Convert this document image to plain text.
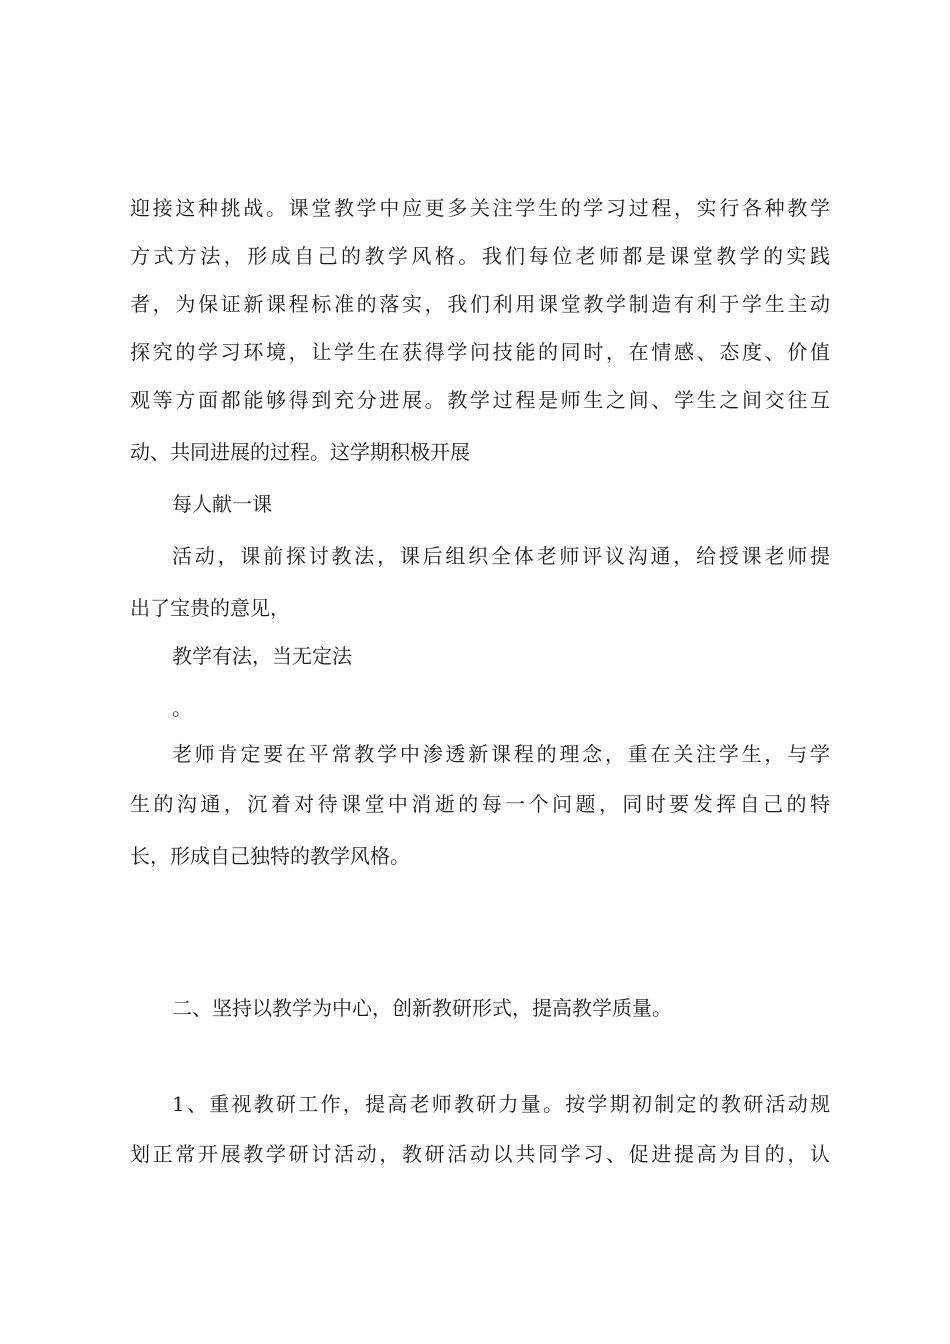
迎接这种挑战。课堂教学中应更多关注学生的学习过程，实行各种教学
方式方法，形成自己的教学风格。我们每位老师都是课堂教学的实践
者，为保证新课程标准的落实，我们利用课堂教学制造有利于学生主动
探究的学习环境，让学生在获得学问技能的同时，在情感、态度、价值
观等方面都能够得到充分进展。教学过程是师生之间、学生之间交往互
动、共同进展的过程。这学期积极开展
每人献一课
活动，课前探讨教法，课后组织全体老师评议沟通，给授课老师提
出了宝贵的意见，
教学有法，当无定法
。
老师肯定要在平常教学中渗透新课程的理念，重在关注学生，与学
生的沟通，沉着对待课堂中消逝的每一个问题，同时要发挥自己的特
长，形成自己独特的教学风格。
二、坚持以教学为中心，创新教研形式，提高教学质量。
1、重视教研工作，提高老师教研力量。按学期初制定的教研活动规
划正常开展教学研讨活动，教研活动以共同学习、促进提高为目的，认
